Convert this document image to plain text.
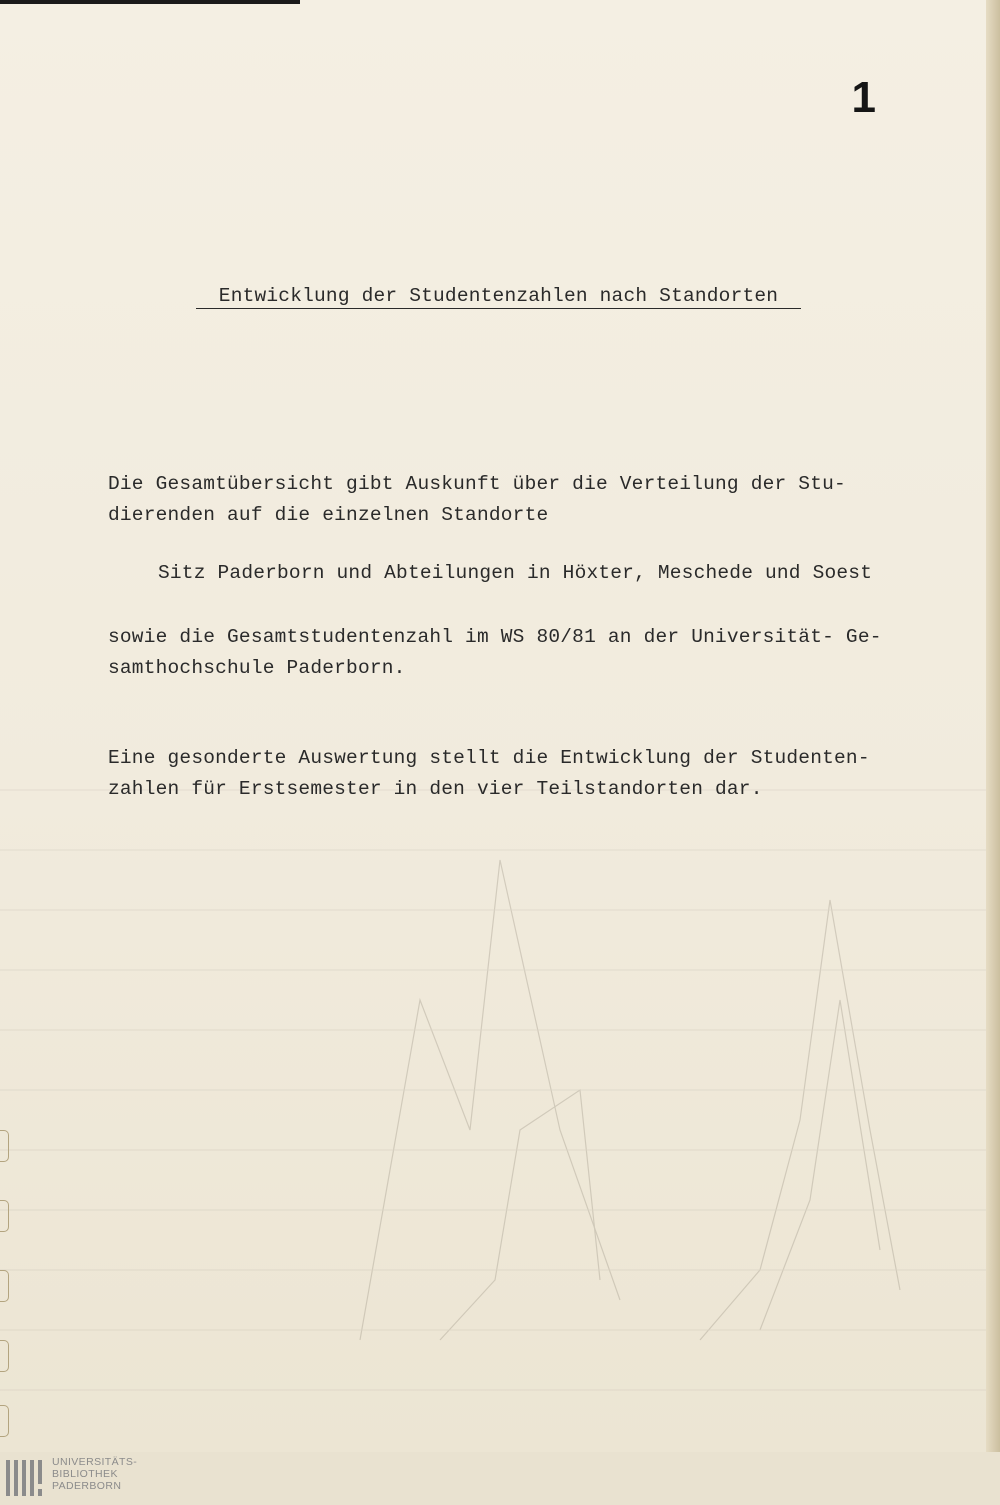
1
Entwicklung der Studentenzahlen nach Standorten

Die Gesamtübersicht gibt Auskunft über die Verteilung der Stu-
dierenden auf die einzelnen Standorte

Sitz Paderborn und Abteilungen in Höxter, Meschede und Soest

sowie die Gesamtstudentenzahl im WS 80/81 an der Universität- Ge-
samthochschule Paderborn.

Eine gesonderte Auswertung stellt die Entwicklung der Studenten-
zahlen für Erstsemester in den vier Teilstandorten dar.

UNIVERSITÄTS-
BIBLIOTHEK
PADERBORN
